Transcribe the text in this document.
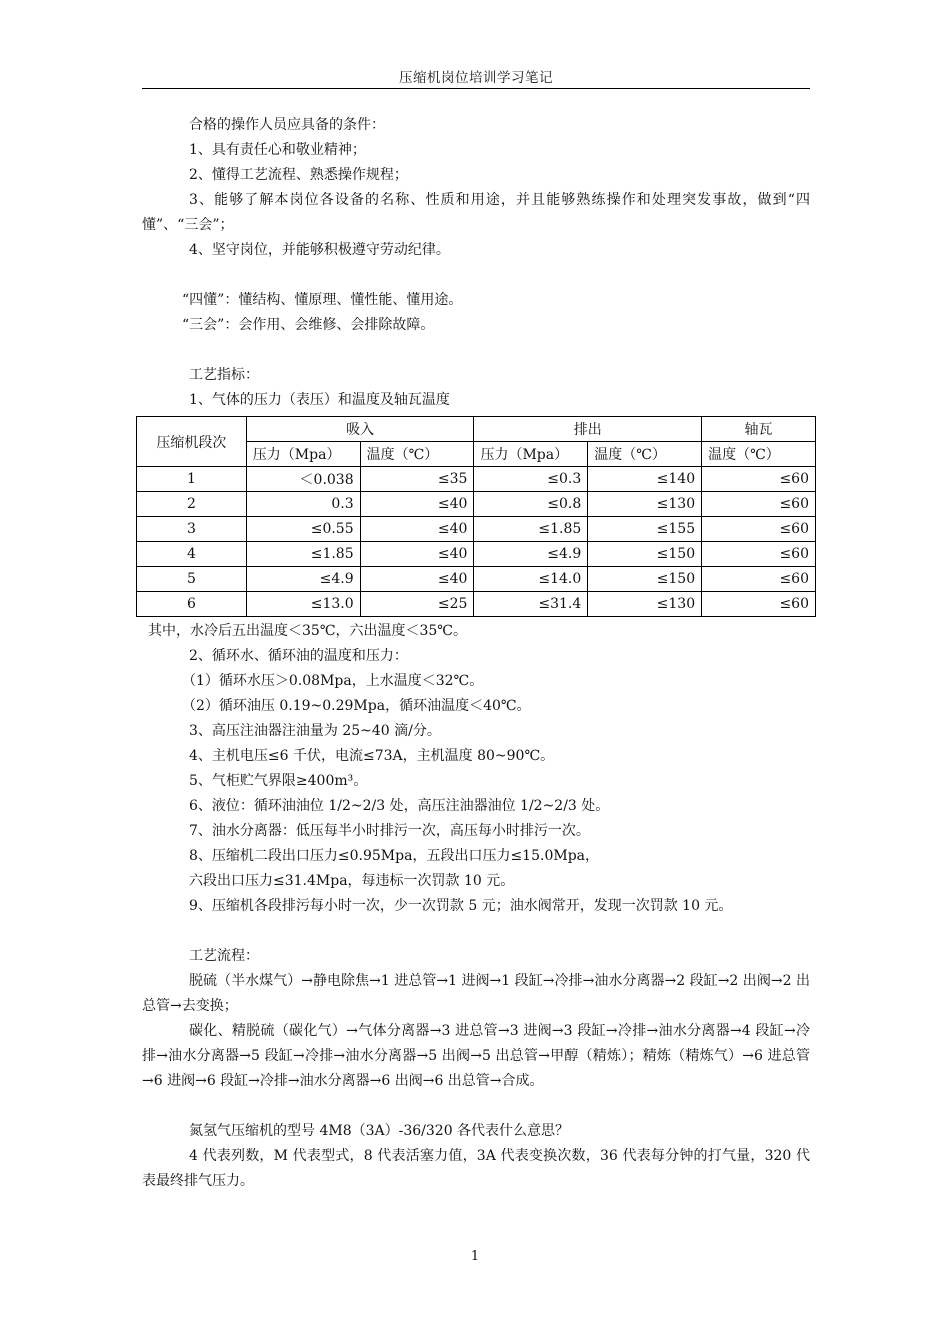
压缩机岗位培训学习笔记

合格的操作人员应具备的条件：

1、具有责任心和敬业精神；

2、懂得工艺流程、熟悉操作规程；

3、能够了解本岗位各设备的名称、性质和用途，并且能够熟练操作和处理突发事故，做到“四懂”、“三会”；

4、坚守岗位，并能够积极遵守劳动纪律。

“四懂”：懂结构、懂原理、懂性能、懂用途。

“三会”：会作用、会维修、会排除故障。

工艺指标：

1、气体的压力（表压）和温度及轴瓦温度

压缩机段次	吸入		排出		轴瓦
	压力（Mpa）	温度（℃）	压力（Mpa）	温度（℃）	温度（℃）
1	＜0.038	≤35	≤0.3	≤140	≤60
2	0.3	≤40	≤0.8	≤130	≤60
3	≤0.55	≤40	≤1.85	≤155	≤60
4	≤1.85	≤40	≤4.9	≤150	≤60
5	≤4.9	≤40	≤14.0	≤150	≤60
6	≤13.0	≤25	≤31.4	≤130	≤60

其中，水冷后五出温度＜35℃，六出温度＜35℃。

2、循环水、循环油的温度和压力：

（1）循环水压＞0.08Mpa，上水温度＜32℃。

（2）循环油压 0.19~0.29Mpa，循环油温度＜40℃。

3、高压注油器注油量为 25~40 滴/分。

4、主机电压≤6 千伏，电流≤73A，主机温度 80~90℃。

5、气柜贮气界限≥400m³。

6、液位：循环油油位 1/2~2/3 处，高压注油器油位 1/2~2/3 处。

7、油水分离器：低压每半小时排污一次，高压每小时排污一次。

8、压缩机二段出口压力≤0.95Mpa，五段出口压力≤15.0Mpa，

六段出口压力≤31.4Mpa，每违标一次罚款 10 元。

9、压缩机各段排污每小时一次，少一次罚款 5 元；油水阀常开，发现一次罚款 10 元。

工艺流程：

脱硫（半水煤气）→静电除焦→1 进总管→1 进阀→1 段缸→冷排→油水分离器→2 段缸→2 出阀→2 出总管→去变换；

碳化、精脱硫（碳化气）→气体分离器→3 进总管→3 进阀→3 段缸→冷排→油水分离器→4 段缸→冷排→油水分离器→5 段缸→冷排→油水分离器→5 出阀→5 出总管→甲醇（精炼）；精炼（精炼气）→6 进总管→6 进阀→6 段缸→冷排→油水分离器→6 出阀→6 出总管→合成。

氮氢气压缩机的型号 4M8（3A）-36/320 各代表什么意思？

4 代表列数，M 代表型式，8 代表活塞力值，3A 代表变换次数，36 代表每分钟的打气量，320 代表最终排气压力。

1
